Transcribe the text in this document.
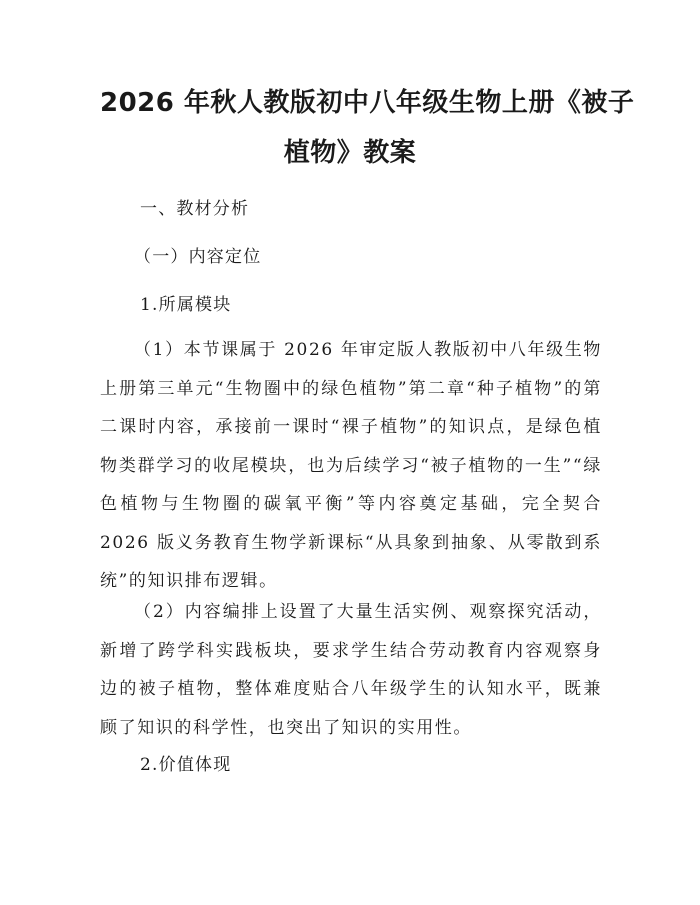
2026 年秋人教版初中八年级生物上册《被子
植物》教案
一、教材分析
（一）内容定位
1.所属模块

（1）本节课属于 2026 年审定版人教版初中八年级生物上册第三单元“生物圈中的绿色植物”第二章“种子植物”的第二课时内容，承接前一课时“裸子植物”的知识点，是绿色植物类群学习的收尾模块，也为后续学习“被子植物的一生”“绿色植物与生物圈的碳氧平衡”等内容奠定基础，完全契合 2026 版义务教育生物学新课标“从具象到抽象、从零散到系统”的知识排布逻辑。

（2）内容编排上设置了大量生活实例、观察探究活动，新增了跨学科实践板块，要求学生结合劳动教育内容观察身边的被子植物，整体难度贴合八年级学生的认知水平，既兼顾了知识的科学性，也突出了知识的实用性。

2.价值体现
